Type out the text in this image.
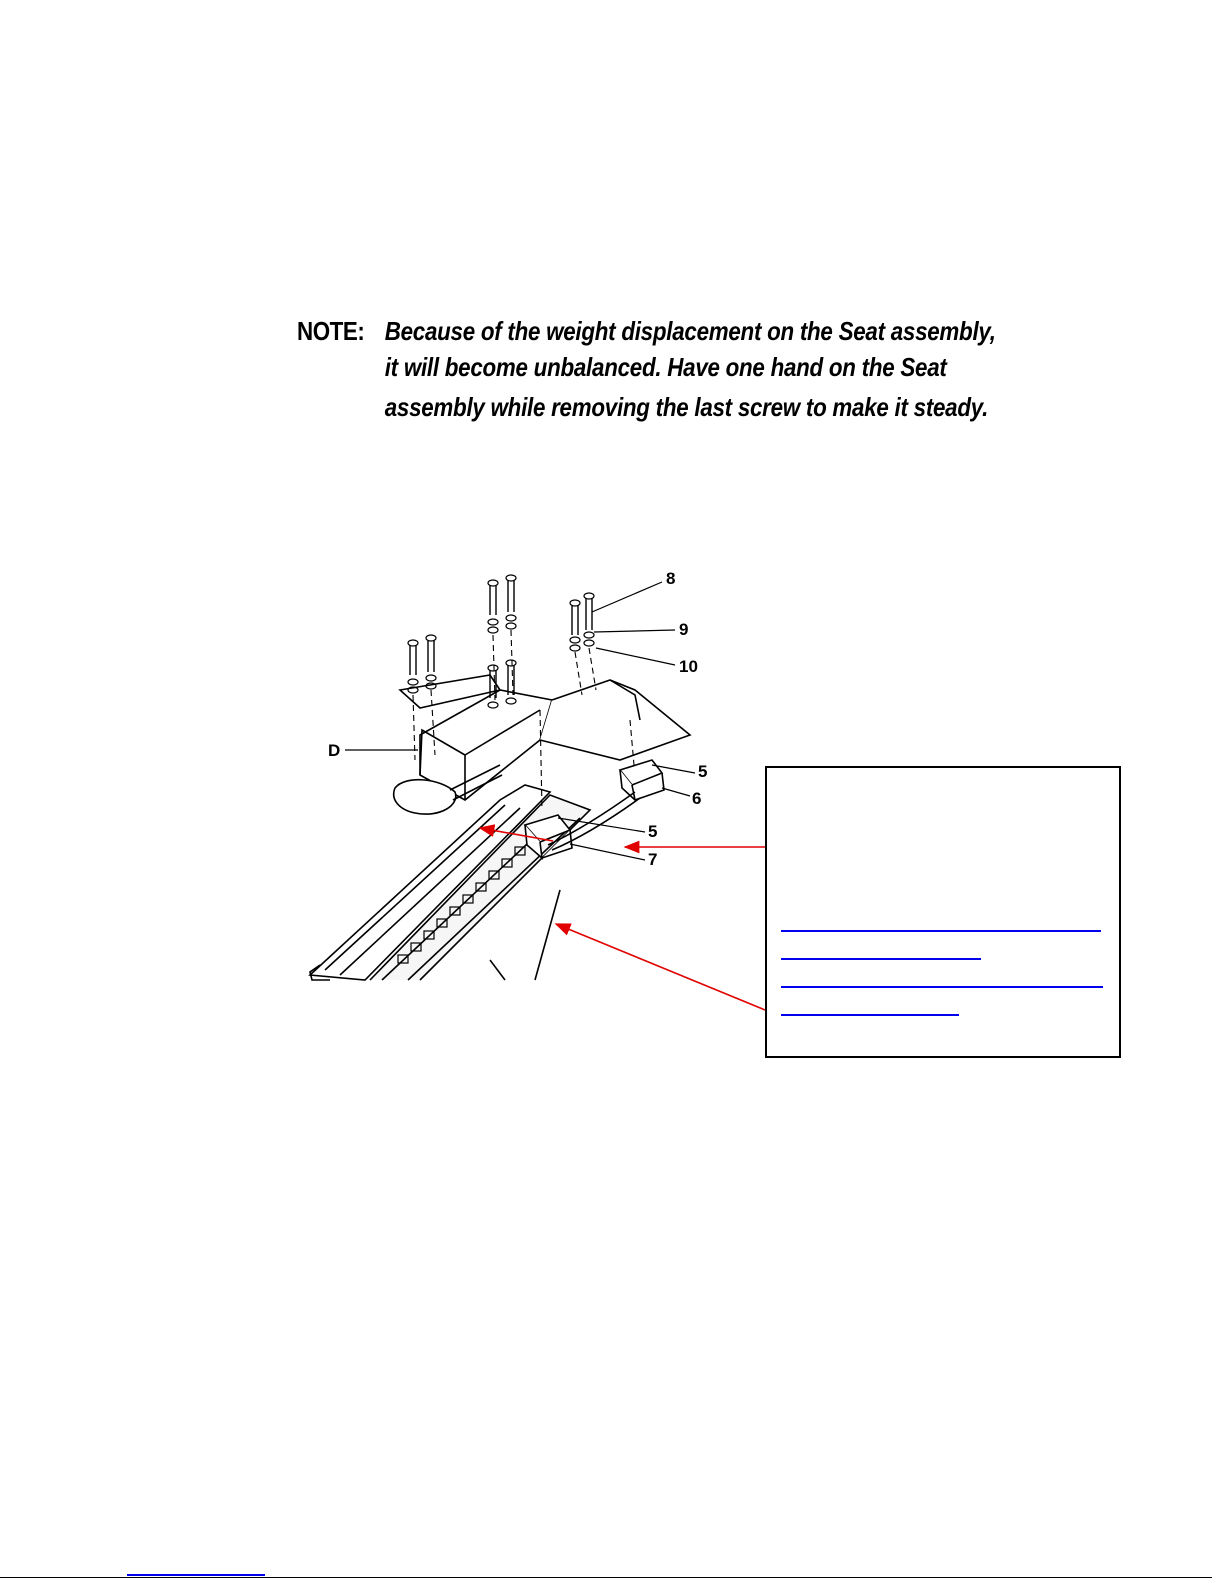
NOTE: Because of the weight displacement on the Seat assembly,
it will become unbalanced. Have one hand on the Seat
assembly while removing the last screw to make it steady.
8
9
10
D
5
6
5
7
